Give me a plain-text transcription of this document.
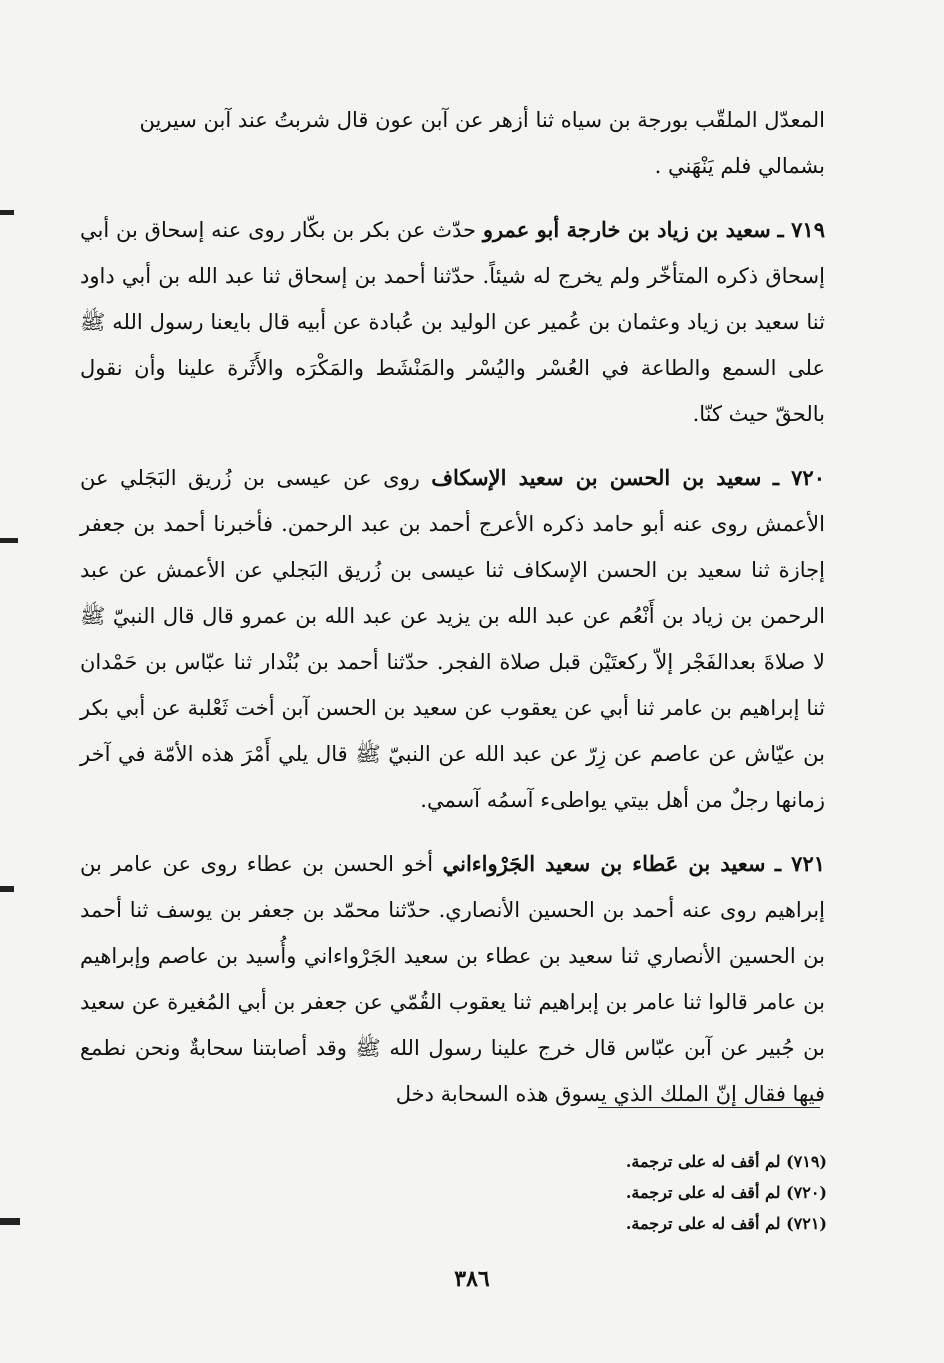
المعدّل الملقّب بورجة بن سياه ثنا أزهر عن آبن عون قال شربتُ عند آبن سيرين

بشمالي فلم يَنْهَني .

٧١٩ ـ سعيد بن زياد بن خارجة أبو عمرو حدّث عن بكر بن بكّار روى عنه إسحاق بن أبي إسحاق ذكره المتأخّر ولم يخرج له شيئاً. حدّثنا أحمد بن إسحاق ثنا عبد الله بن أبي داود ثنا سعيد بن زياد وعثمان بن عُمير عن الوليد بن عُبادة عن أبيه قال بايعنا رسول الله ﷺ على السمع والطاعة في العُسْر واليُسْر والمَنْشَط والمَكْرَه والأَثَرة علينا وأن نقول بالحقّ حيث كنّا.

٧٢٠ ـ سعيد بن الحسن بن سعيد الإسكاف روى عن عيسى بن زُريق البَجَلي عن الأعمش روى عنه أبو حامد ذكره الأعرج أحمد بن عبد الرحمن. فأخبرنا أحمد بن جعفر إجازة ثنا سعيد بن الحسن الإسكاف ثنا عيسى بن زُريق البَجلي عن الأعمش عن عبد الرحمن بن زياد بن أَنْعُم عن عبد الله بن يزيد عن عبد الله بن عمرو قال قال النبيّ ﷺ لا صلاةَ بعدالفَجْر إلاّ ركعتَيْن قبل صلاة الفجر. حدّثنا أحمد بن بُنْدار ثنا عبّاس بن حَمْدان ثنا إبراهيم بن عامر ثنا أبي عن يعقوب عن سعيد بن الحسن آبن أخت ثَعْلبة عن أبي بكر بن عيّاش عن عاصم عن زِرّ عن عبد الله عن النبيّ ﷺ قال يلي أَمْرَ هذه الأمّة في آخر زمانها رجلٌ من أهل بيتي يواطىء آسمُه آسمي.

٧٢١ ـ سعيد بن عَطاء بن سعيد الجَرْواءاني أخو الحسن بن عطاء روى عن عامر بن إبراهيم روى عنه أحمد بن الحسين الأنصاري. حدّثنا محمّد بن جعفر بن يوسف ثنا أحمد بن الحسين الأنصاري ثنا سعيد بن عطاء بن سعيد الجَرْواءاني وأُسيد بن عاصم وإبراهيم بن عامر قالوا ثنا عامر بن إبراهيم ثنا يعقوب القُمّي عن جعفر بن أبي المُغيرة عن سعيد بن جُبير عن آبن عبّاس قال خرج علينا رسول الله ﷺ وقد أصابتنا سحابةٌ ونحن نطمع فيها فقال إنّ الملك الذي يسوق هذه السحابة دخل

(٧١٩) لم أقف له على ترجمة.
(٧٢٠) لم أقف له على ترجمة.
(٧٢١) لم أقف له على ترجمة.
٣٨٦
